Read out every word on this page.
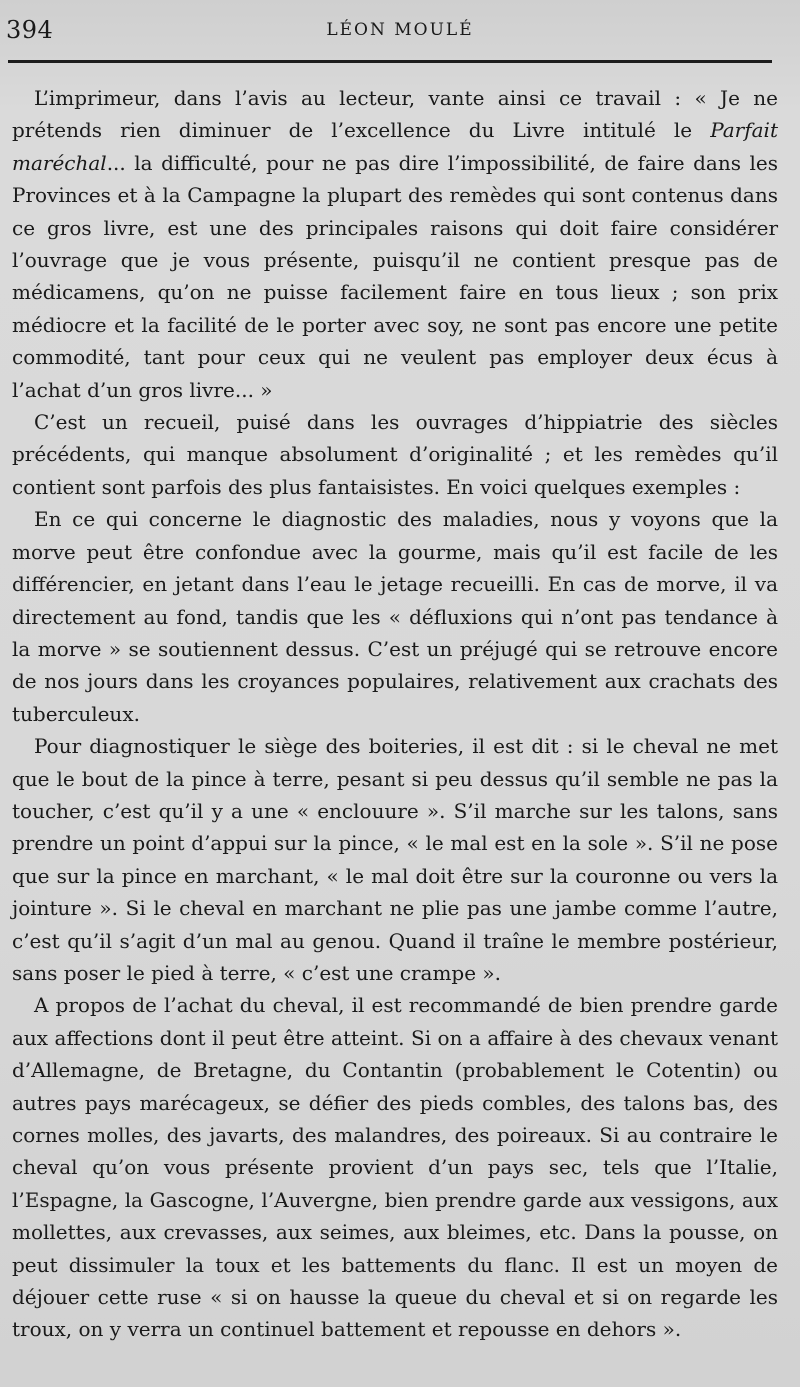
394	LÉON MOULÉ

L’imprimeur, dans l’avis au lecteur, vante ainsi ce travail : « Je ne prétends rien diminuer de l’excellence du Livre intitulé le Parfait maréchal... la difficulté, pour ne pas dire l’impossibilité, de faire dans les Provinces et à la Campagne la plupart des remèdes qui sont contenus dans ce gros livre, est une des principales raisons qui doit faire considérer l’ouvrage que je vous présente, puisqu’il ne contient presque pas de médicamens, qu’on ne puisse facilement faire en tous lieux ; son prix médiocre et la facilité de le porter avec soy, ne sont pas encore une petite commodité, tant pour ceux qui ne veulent pas employer deux écus à l’achat d’un gros livre... »

C’est un recueil, puisé dans les ouvrages d’hippiatrie des siècles précédents, qui manque absolument d’originalité ; et les remèdes qu’il contient sont parfois des plus fantaisistes. En voici quelques exemples :

En ce qui concerne le diagnostic des maladies, nous y voyons que la morve peut être confondue avec la gourme, mais qu’il est facile de les différencier, en jetant dans l’eau le jetage recueilli. En cas de morve, il va directement au fond, tandis que les « défluxions qui n’ont pas tendance à la morve » se soutiennent dessus. C’est un préjugé qui se retrouve encore de nos jours dans les croyances populaires, relativement aux crachats des tuberculeux.

Pour diagnostiquer le siège des boiteries, il est dit : si le cheval ne met que le bout de la pince à terre, pesant si peu dessus qu’il semble ne pas la toucher, c’est qu’il y a une « enclouure ». S’il marche sur les talons, sans prendre un point d’appui sur la pince, « le mal est en la sole ». S’il ne pose que sur la pince en marchant, « le mal doit être sur la couronne ou vers la jointure ». Si le cheval en marchant ne plie pas une jambe comme l’autre, c’est qu’il s’agit d’un mal au genou. Quand il traîne le membre postérieur, sans poser le pied à terre, « c’est une crampe ».

A propos de l’achat du cheval, il est recommandé de bien prendre garde aux affections dont il peut être atteint. Si on a affaire à des chevaux venant d’Allemagne, de Bretagne, du Contantin (probablement le Cotentin) ou autres pays marécageux, se défier des pieds combles, des talons bas, des cornes molles, des javarts, des malandres, des poireaux. Si au contraire le cheval qu’on vous présente provient d’un pays sec, tels que l’Italie, l’Espagne, la Gascogne, l’Auvergne, bien prendre garde aux vessigons, aux mollettes, aux crevasses, aux seimes, aux bleimes, etc. Dans la pousse, on peut dissimuler la toux et les battements du flanc. Il est un moyen de déjouer cette ruse « si on hausse la queue du cheval et si on regarde les troux, on y verra un continuel battement et repousse en dehors ».
